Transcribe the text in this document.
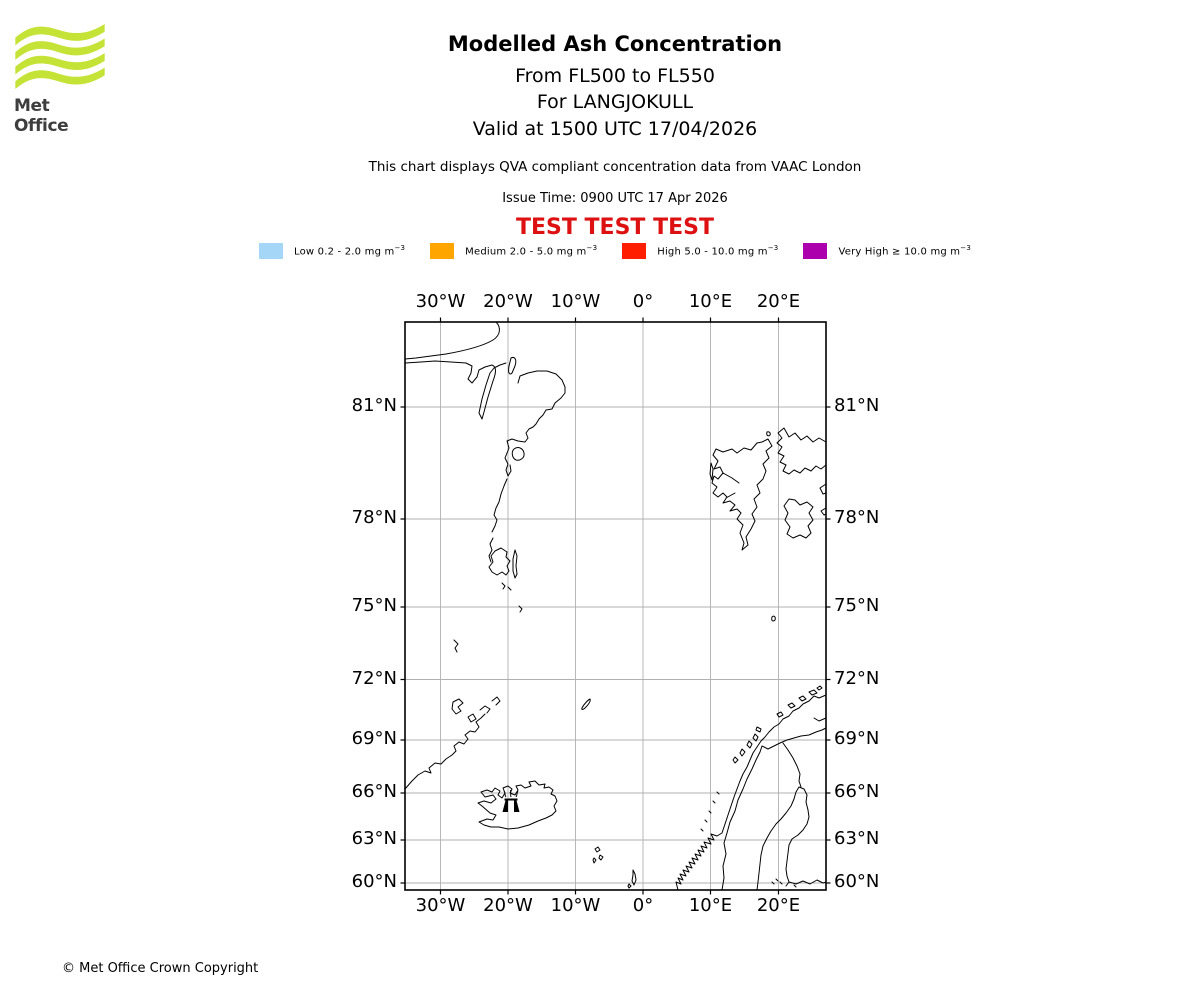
Met Office
Modelled Ash Concentration
From FL500 to FL550
For LANGJOKULL
Valid at 1500 UTC 17/04/2026
This chart displays QVA compliant concentration data from VAAC London
Issue Time: 0900 UTC 17 Apr 2026
TEST TEST TEST
Low 0.2 - 2.0 mg $m^{-3}$	Medium 2.0 - 5.0 mg $m^{-3}$	High 5.0 - 10.0 mg $m^{-3}$	Very High ≥ 10.0 mg $m^{-3}$
30°W
30°W
20°W
20°W
10°W
10°W
0°
0°
10°E
10°E
20°E
20°E
81°N	81°N
78°N	78°N
75°N	75°N
72°N	72°N
69°N	69°N
66°N	66°N
63°N	63°N
60°N	60°N
© Met Office Crown Copyright
